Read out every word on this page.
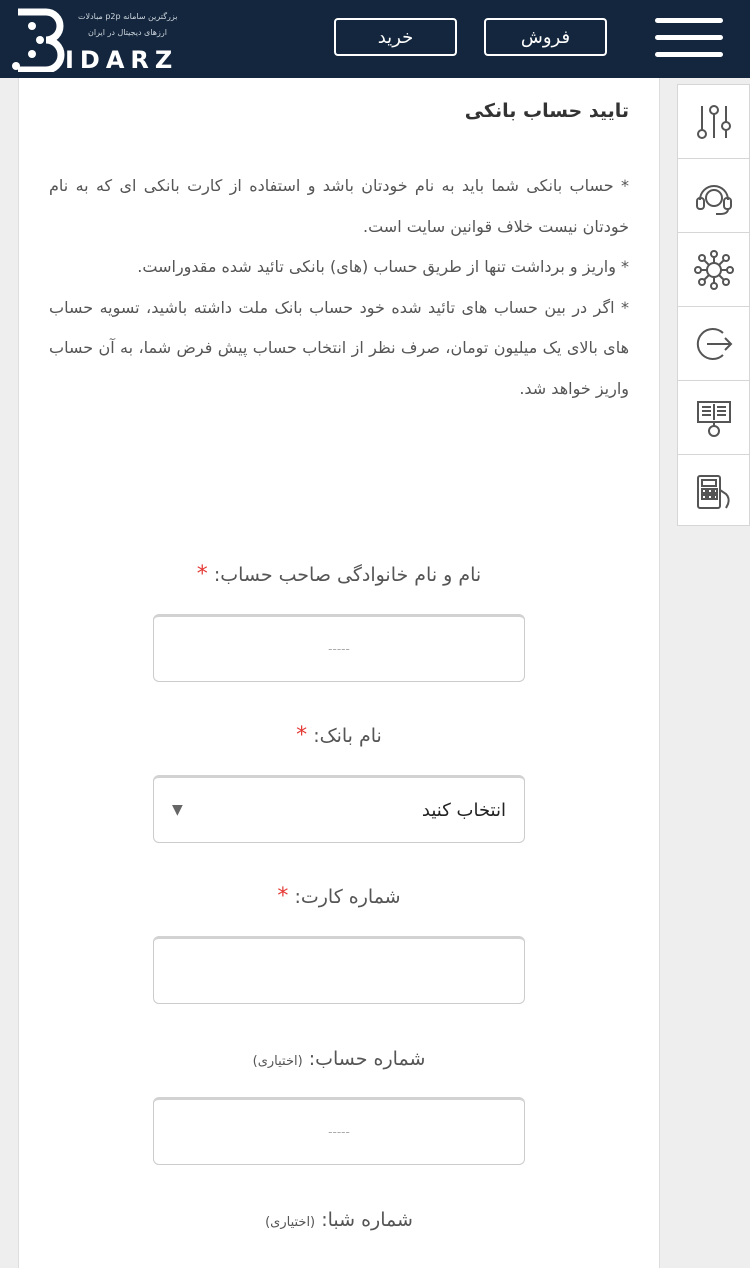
بزرگترین سامانه p2p مبادلات
ارزهای دیجیتال در ایران
IDARZ
خرید	فروش
تایید حساب بانکی

* حساب بانکی شما باید به نام خودتان باشد و استفاده از کارت بانکی ای که به نام خودتان نیست خلاف قوانین سایت است.

* واریز و برداشت تنها از طریق حساب (های) بانکی تائید شده مقدوراست.

* اگر در بین حساب های تائید شده خود حساب بانک ملت داشته باشید، تسویه حساب های بالای یک میلیون تومان، صرف نظر از انتخاب حساب پیش فرض شما، به آن حساب واریز خواهد شد.

نام و نام خانوادگی صاحب حساب: *
-----
نام بانک: *
انتخاب کنید
▼
شماره کارت: *
شماره حساب: (اختیاری)
-----
شماره شبا: (اختیاری)
